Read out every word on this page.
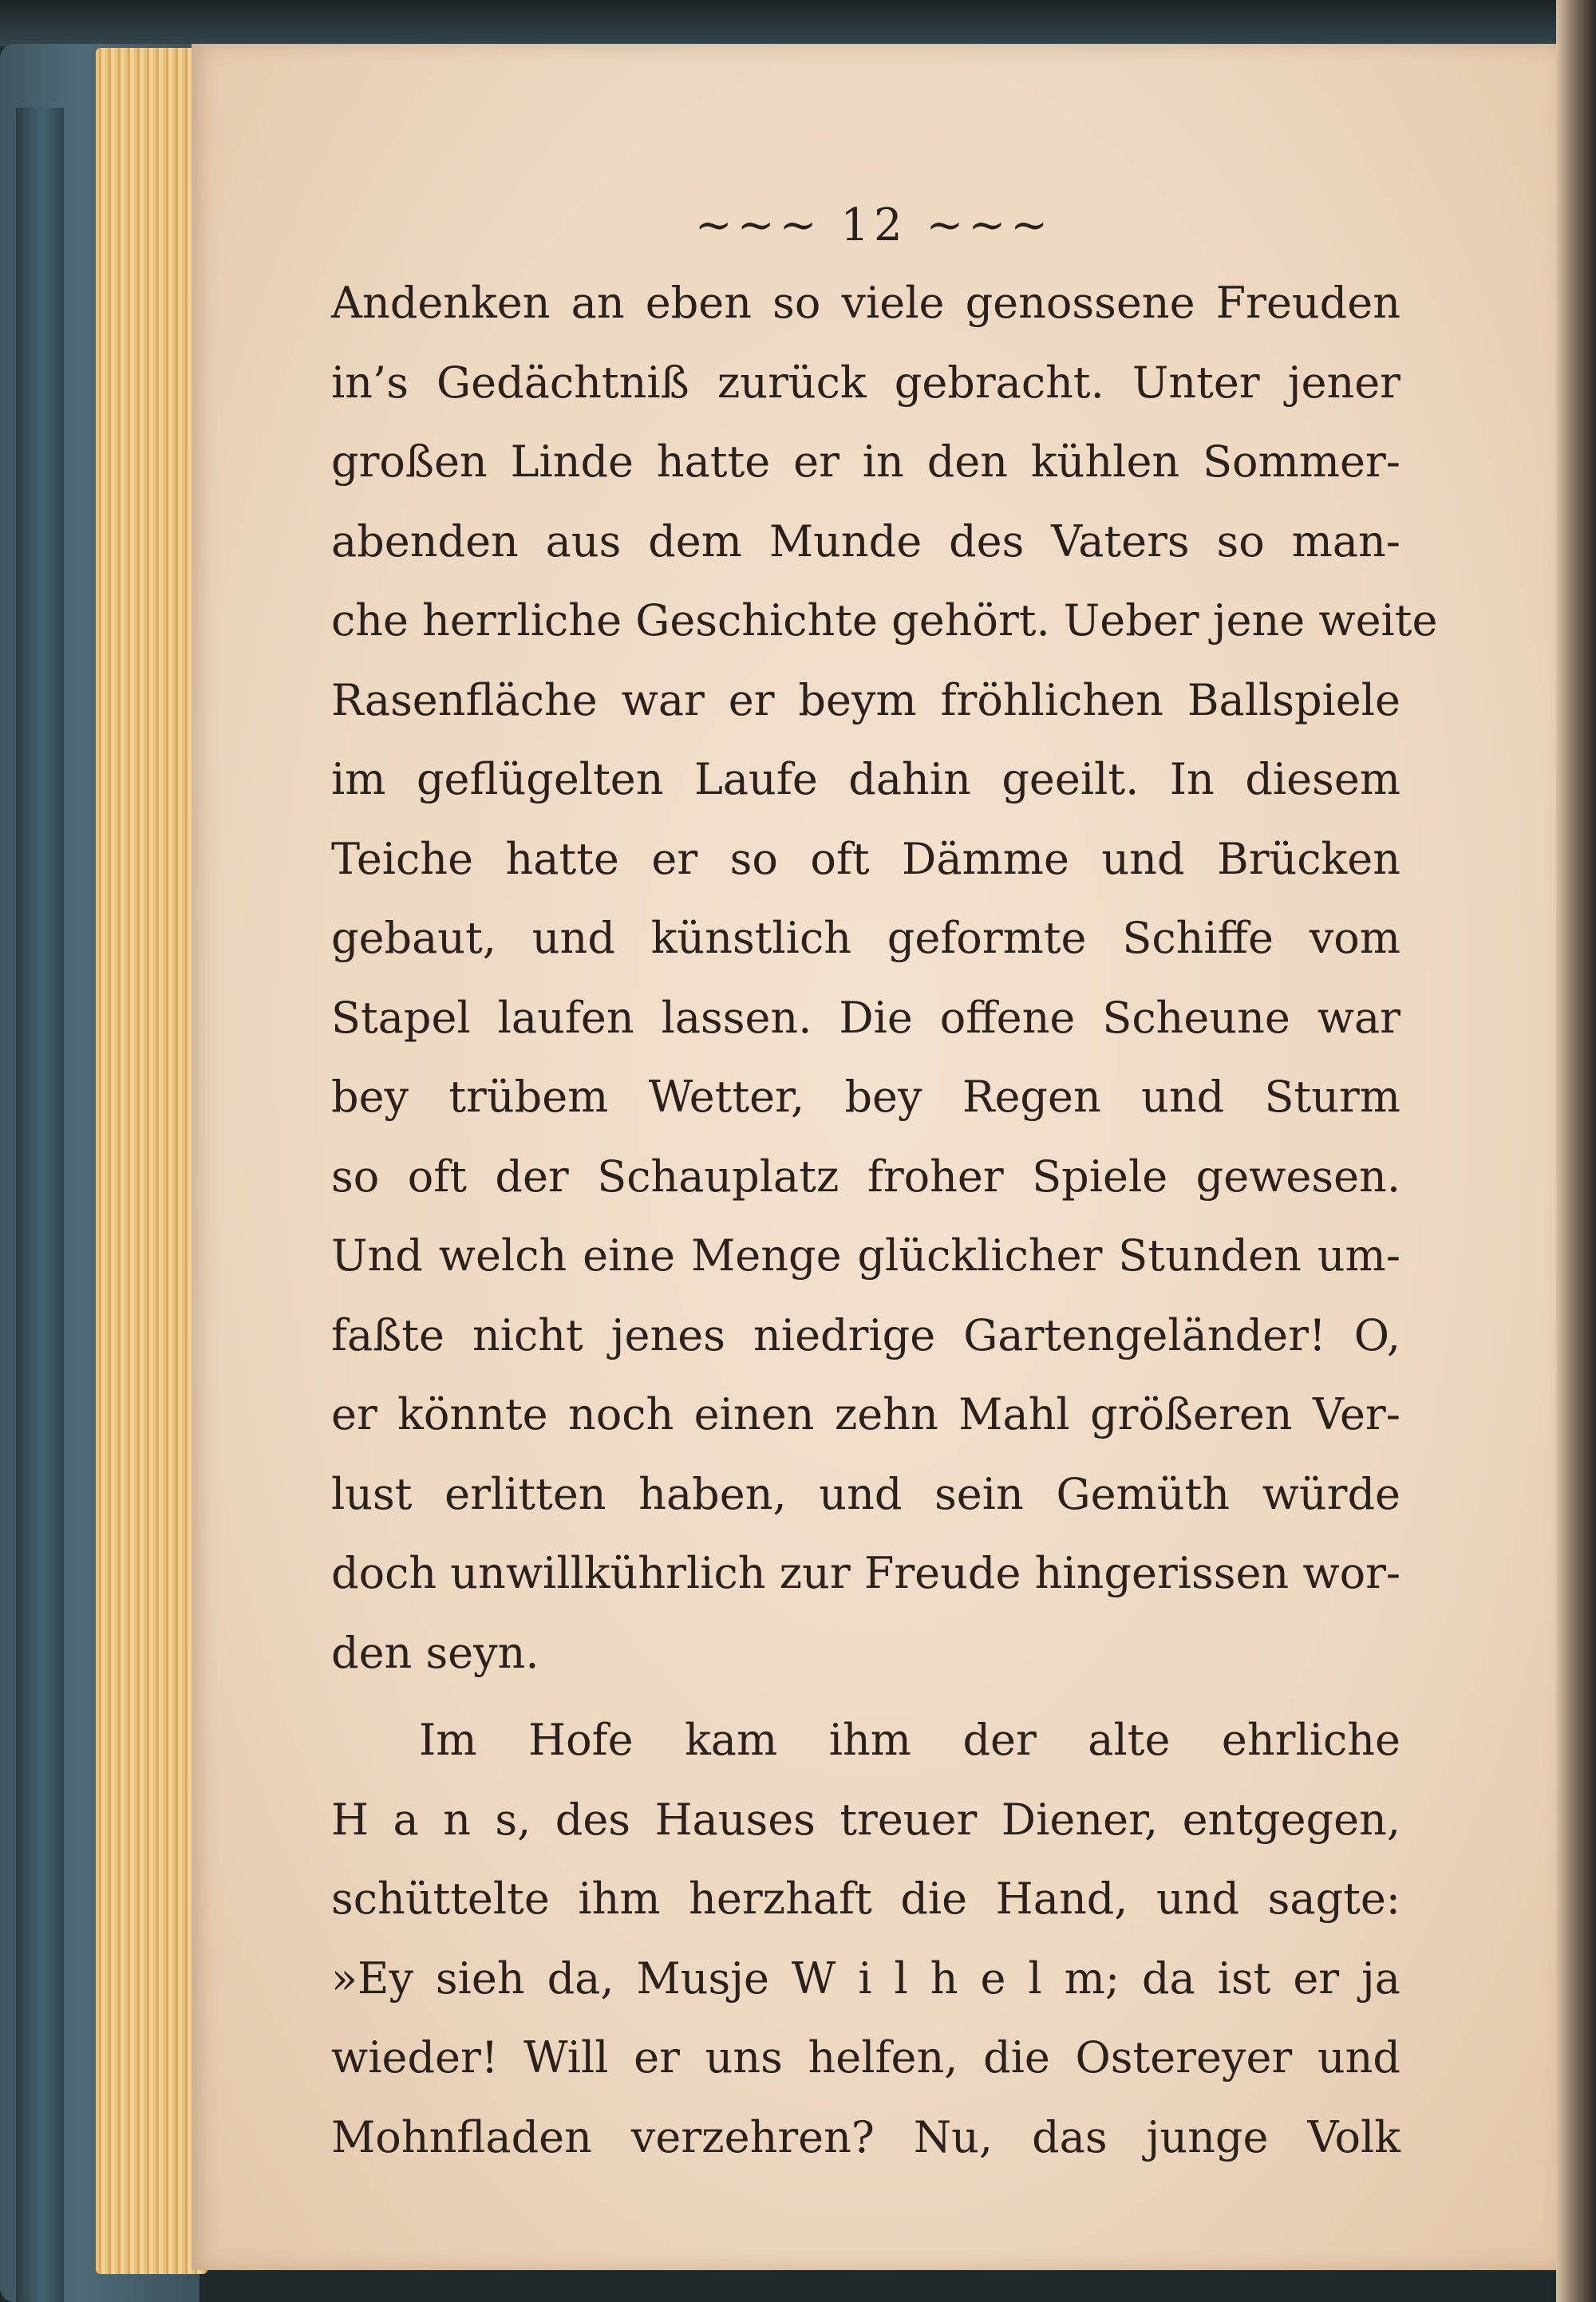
~~~ 12 ~~~
Andenken an eben so viele genossene Freuden
in’s Gedächtniß zurück gebracht. Unter jener
großen Linde hatte er in den kühlen Sommer-
abenden aus dem Munde des Vaters so man-
che herrliche Geschichte gehört. Ueber jene weite
Rasenfläche war er beym fröhlichen Ballspiele
im geflügelten Laufe dahin geeilt. In diesem
Teiche hatte er so oft Dämme und Brücken
gebaut, und künstlich geformte Schiffe vom
Stapel laufen lassen. Die offene Scheune war
bey trübem Wetter, bey Regen und Sturm
so oft der Schauplatz froher Spiele gewesen.
Und welch eine Menge glücklicher Stunden um-
faßte nicht jenes niedrige Gartengeländer! O,
er könnte noch einen zehn Mahl größeren Ver-
lust erlitten haben, und sein Gemüth würde
doch unwillkührlich zur Freude hingerissen wor-
den seyn.
Im Hofe kam ihm der alte ehrliche
H a n s, des Hauses treuer Diener, entgegen,
schüttelte ihm herzhaft die Hand, und sagte:
»Ey sieh da, Musje W i l h e l m; da ist er ja
wieder! Will er uns helfen, die Ostereyer und
Mohnfladen verzehren? Nu, das junge Volk
